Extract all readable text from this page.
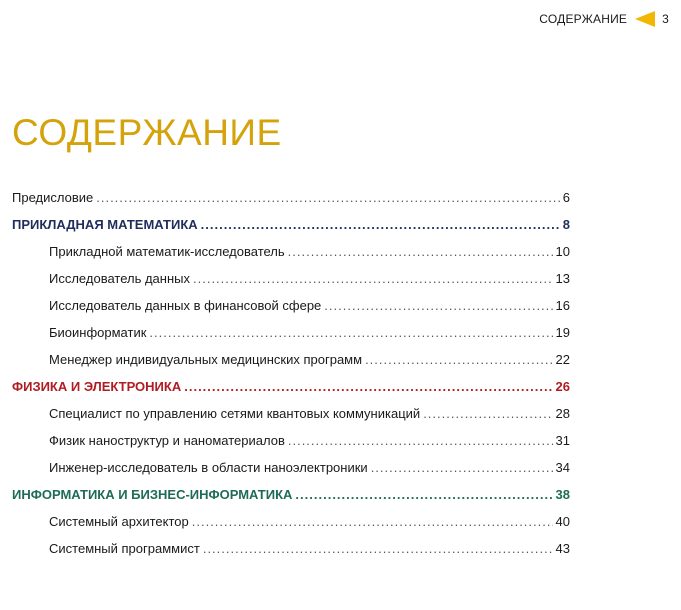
СОДЕРЖАНИЕ	3
СОДЕРЖАНИЕ
Предисловие .....	6
ПРИКЛАДНАЯ МАТЕМАТИКА .....	8
Прикладной математик-исследователь .....	10
Исследователь данных .....	13
Исследователь данных в финансовой сфере .....	16
Биоинформатик .....	19
Менеджер индивидуальных медицинских программ .....	22
ФИЗИКА И ЭЛЕКТРОНИКА .....	26
Специалист по управлению сетями квантовых коммуникаций .....	28
Физик наноструктур и наноматериалов .....	31
Инженер-исследователь в области наноэлектроники .....	34
ИНФОРМАТИКА И БИЗНЕС-ИНФОРМАТИКА .....	38
Системный архитектор .....	40
Системный программист .....	43
